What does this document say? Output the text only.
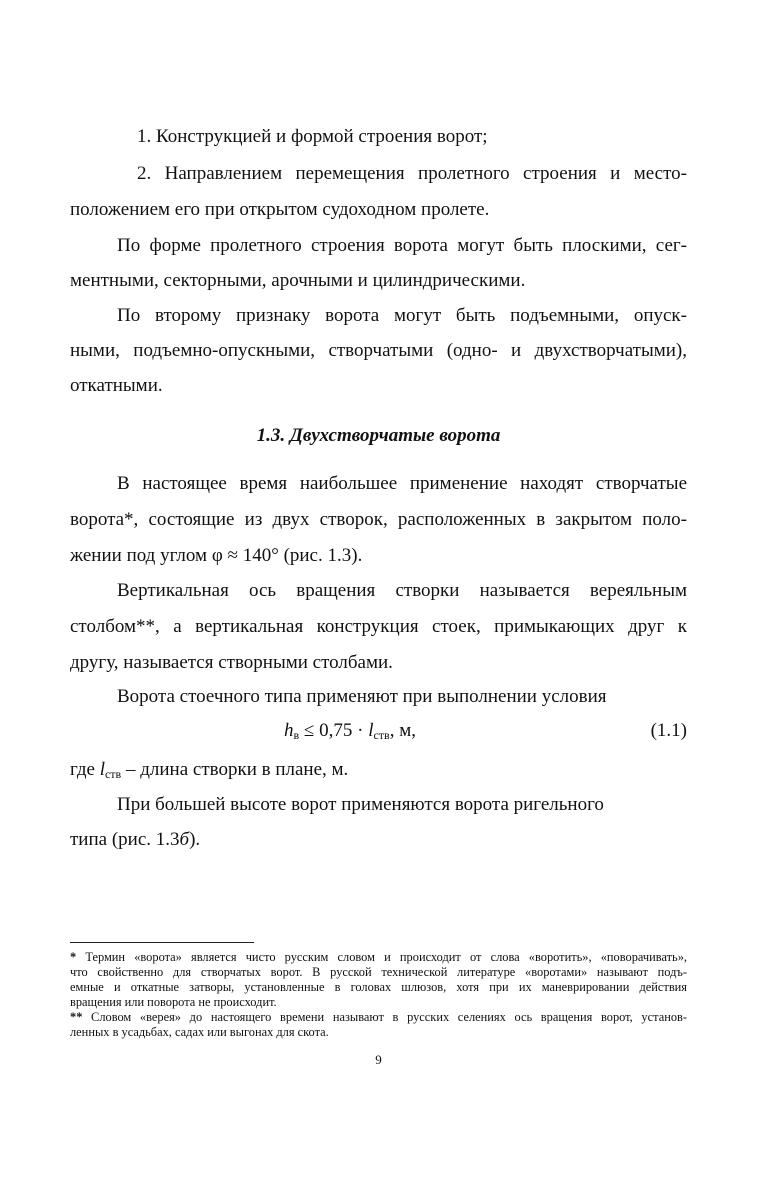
1. Конструкцией и формой строения ворот;
2. Направлением перемещения пролетного строения и место-
положением его при открытом судоходном пролете.
По форме пролетного строения ворота могут быть плоскими, сег-
ментными, секторными, арочными и цилиндрическими.
По второму признаку ворота могут быть подъемными, опуск-
ными, подъемно-опускными, створчатыми (одно- и двухстворчатыми),
откатными.
1.3. Двухстворчатые ворота
В настоящее время наибольшее применение находят створчатые
ворота*, состоящие из двух створок, расположенных в закрытом поло-
жении под углом φ ≈ 140° (рис. 1.3).
Вертикальная ось вращения створки называется вереяльным
столбом**, а вертикальная конструкция стоек, примыкающих друг к
другу, называется створными столбами.
Ворота стоечного типа применяют при выполнении условия
$h_в \le 0,75 \cdot l_{ств}$, м,	(1.1)
где $l_{ств}$ – длина створки в плане, м.
При большей высоте ворот применяются ворота ригельного
типа (рис. 1.3б).
* Термин «ворота» является чисто русским словом и происходит от слова «воротить», «поворачивать»,
что свойственно для створчатых ворот. В русской технической литературе «воротами» называют подъ-
емные и откатные затворы, установленные в головах шлюзов, хотя при их маневрировании действия
вращения или поворота не происходит.
** Словом «верея» до настоящего времени называют в русских селениях ось вращения ворот, установ-
ленных в усадьбах, садах или выгонах для скота.
9
